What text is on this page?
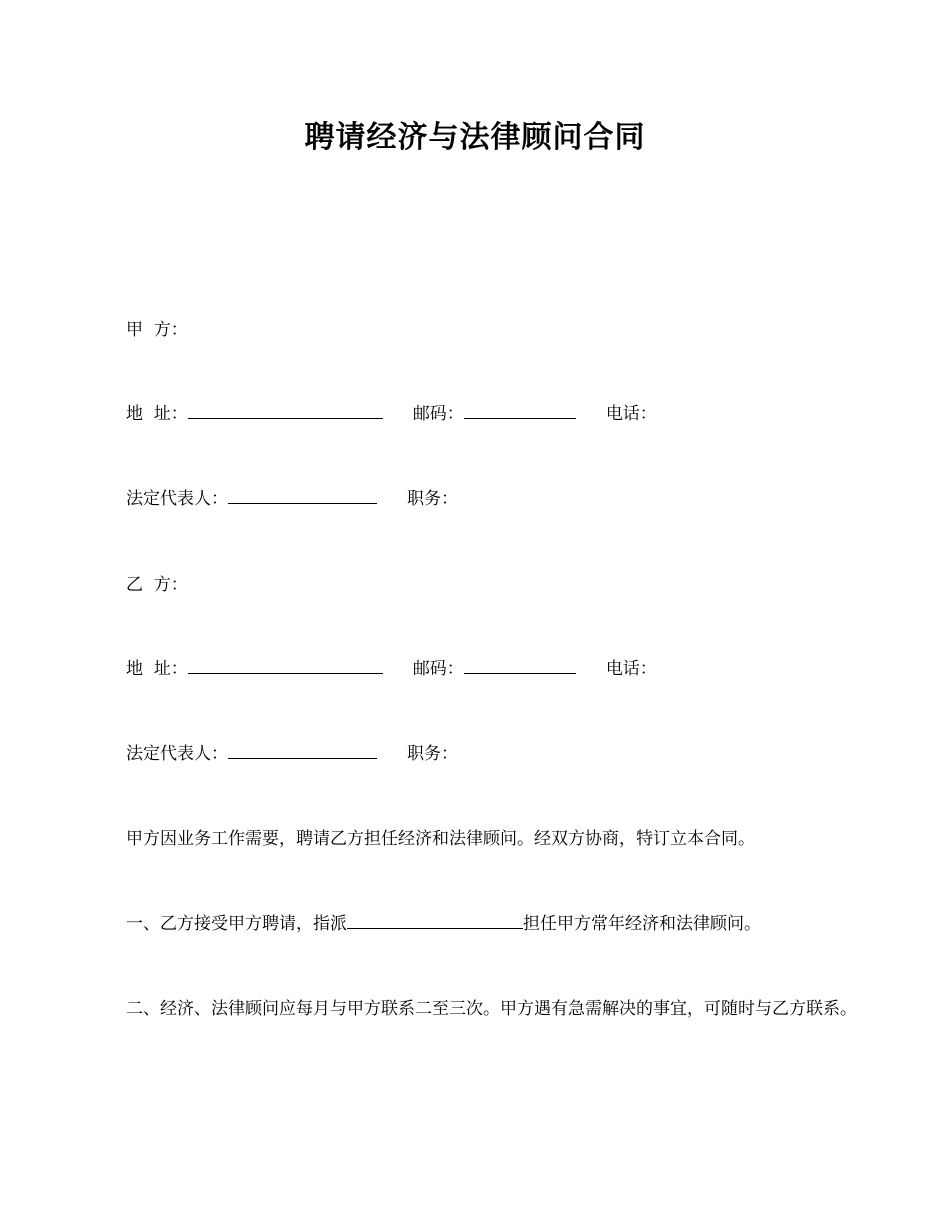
聘请经济与法律顾问合同
甲  方：
地  址：	邮码：	电话：
法定代表人：	职务：
乙  方：
地  址：	邮码：	电话：
法定代表人：	职务：
甲方因业务工作需要，聘请乙方担任经济和法律顾问。经双方协商，特订立本合同。
一、乙方接受甲方聘请，指派	担任甲方常年经济和法律顾问。
二、经济、法律顾问应每月与甲方联系二至三次。甲方遇有急需解决的事宜，可随时与乙方联系。
